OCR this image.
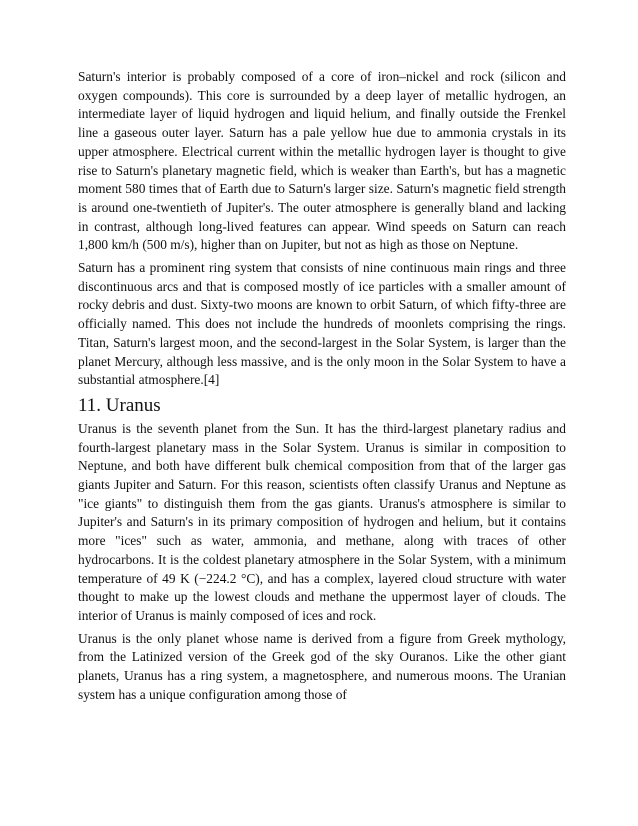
Saturn's interior is probably composed of a core of iron–nickel and rock (silicon and oxygen compounds). This core is surrounded by a deep layer of metallic hydrogen, an intermediate layer of liquid hydrogen and liquid helium, and finally outside the Frenkel line a gaseous outer layer. Saturn has a pale yellow hue due to ammonia crystals in its upper atmosphere. Electrical current within the metallic hydrogen layer is thought to give rise to Saturn's planetary magnetic field, which is weaker than Earth's, but has a magnetic moment 580 times that of Earth due to Saturn's larger size. Saturn's magnetic field strength is around one-twentieth of Jupiter's. The outer atmosphere is generally bland and lacking in contrast, although long-lived features can appear. Wind speeds on Saturn can reach 1,800 km/h (500 m/s), higher than on Jupiter, but not as high as those on Neptune.

Saturn has a prominent ring system that consists of nine continuous main rings and three discontinuous arcs and that is composed mostly of ice particles with a smaller amount of rocky debris and dust. Sixty-two moons are known to orbit Saturn, of which fifty-three are officially named. This does not include the hundreds of moonlets comprising the rings. Titan, Saturn's largest moon, and the second-largest in the Solar System, is larger than the planet Mercury, although less massive, and is the only moon in the Solar System to have a substantial atmosphere.[4]

11. Uranus

Uranus is the seventh planet from the Sun. It has the third-largest planetary radius and fourth-largest planetary mass in the Solar System. Uranus is similar in composition to Neptune, and both have different bulk chemical composition from that of the larger gas giants Jupiter and Saturn. For this reason, scientists often classify Uranus and Neptune as "ice giants" to distinguish them from the gas giants. Uranus's atmosphere is similar to Jupiter's and Saturn's in its primary composition of hydrogen and helium, but it contains more "ices" such as water, ammonia, and methane, along with traces of other hydrocarbons. It is the coldest planetary atmosphere in the Solar System, with a minimum temperature of 49 K (−224.2 °C), and has a complex, layered cloud structure with water thought to make up the lowest clouds and methane the uppermost layer of clouds. The interior of Uranus is mainly composed of ices and rock.

Uranus is the only planet whose name is derived from a figure from Greek mythology, from the Latinized version of the Greek god of the sky Ouranos. Like the other giant planets, Uranus has a ring system, a magnetosphere, and numerous moons. The Uranian system has a unique configuration among those of
